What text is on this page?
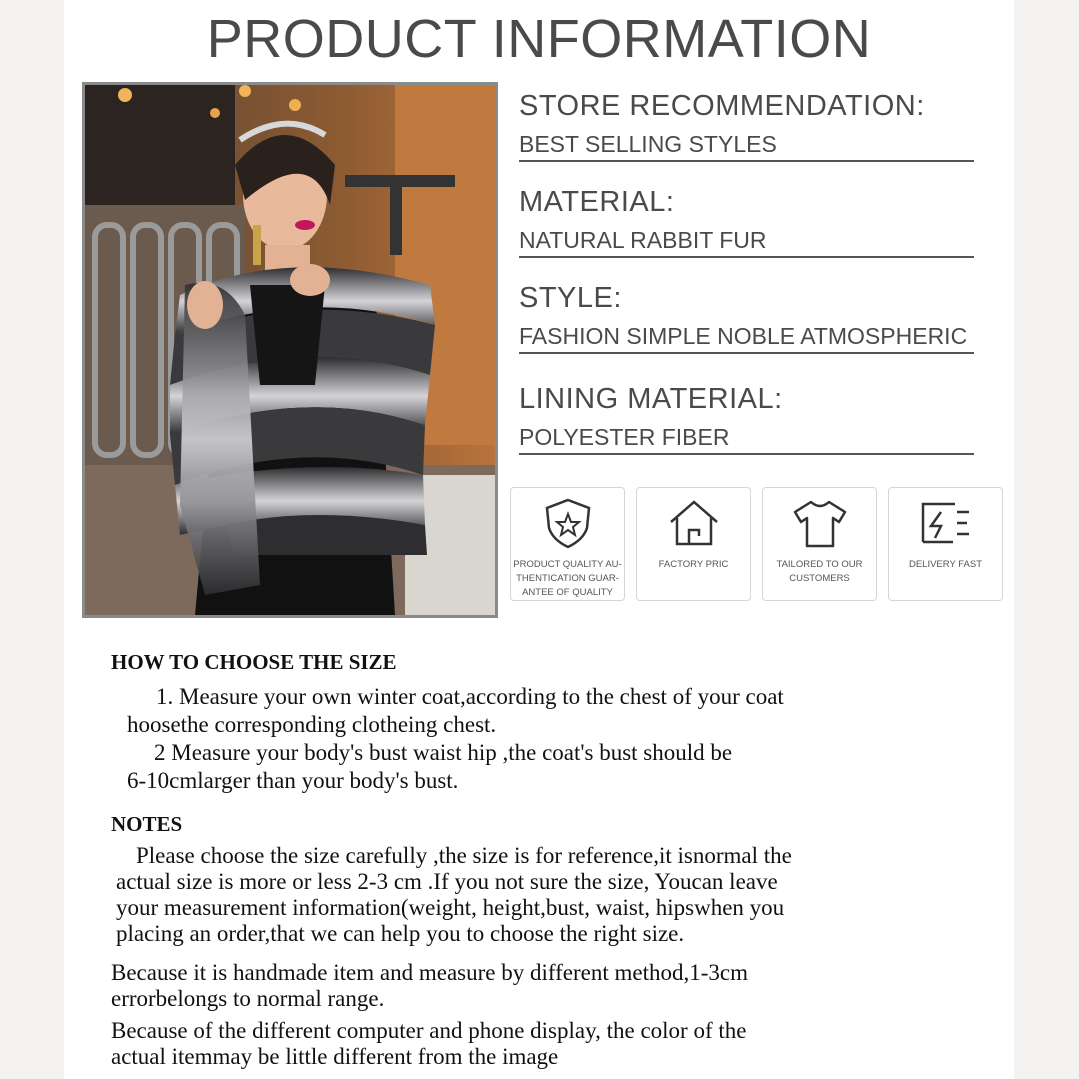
PRODUCT INFORMATION
STORE RECOMMENDATION:
BEST SELLING STYLES
MATERIAL:
NATURAL RABBIT FUR
STYLE:
FASHION SIMPLE NOBLE ATMOSPHERIC
LINING MATERIAL:
POLYESTER FIBER
PRODUCT QUALITY AU-
THENTICATION GUAR-
ANTEE OF QUALITY
FACTORY PRIC	TAILORED TO OUR
CUSTOMERS
DELIVERY FAST
HOW TO CHOOSE THE SIZE
1. Measure your own winter coat,according to the chest of your coat
hoosethe corresponding clotheing chest.
2 Measure your body's bust waist hip ,the coat's bust should be
6-10cmlarger than your body's bust.
NOTES
Please choose the size carefully ,the size is for reference,it isnormal the
actual size is more or less 2-3 cm .If you not sure the size, Youcan leave
your measurement information(weight, height,bust, waist, hipswhen you
placing an order,that we can help you to choose the right size.
Because it is handmade item and measure by different method,1-3cm
errorbelongs to normal range.
Because of the different computer and phone display, the color of the
actual itemmay be little different from the image
